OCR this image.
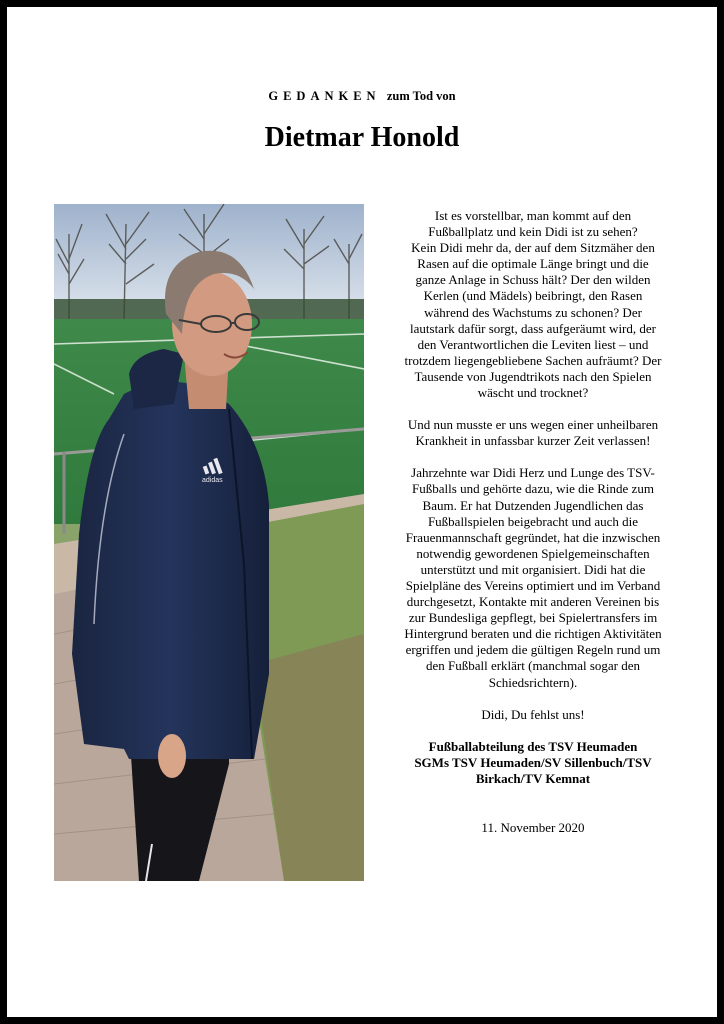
GEDANKEN zum Tod von
Dietmar Honold
adidas

Ist es vorstellbar, man kommt auf den
Fußballplatz und kein Didi ist zu sehen?
Kein Didi mehr da, der auf dem Sitzmäher den
Rasen auf die optimale Länge bringt und die
ganze Anlage in Schuss hält? Der den wilden
Kerlen (und Mädels) beibringt, den Rasen
während des Wachstums zu schonen? Der
lautstark dafür sorgt, dass aufgeräumt wird, der
den Verantwortlichen die Leviten liest – und
trotzdem liegengebliebene Sachen aufräumt? Der
Tausende von Jugendtrikots nach den Spielen
wäscht und trocknet?

Und nun musste er uns wegen einer unheilbaren
Krankheit in unfassbar kurzer Zeit verlassen!

Jahrzehnte war Didi Herz und Lunge des TSV-
Fußballs und gehörte dazu, wie die Rinde zum
Baum. Er hat Dutzenden Jugendlichen das
Fußballspielen beigebracht und auch die
Frauenmannschaft gegründet, hat die inzwischen
notwendig gewordenen Spielgemeinschaften
unterstützt und mit organisiert. Didi hat die
Spielpläne des Vereins optimiert und im Verband
durchgesetzt, Kontakte mit anderen Vereinen bis
zur Bundesliga gepflegt, bei Spielertransfers im
Hintergrund beraten und die richtigen Aktivitäten
ergriffen und jedem die gültigen Regeln rund um
den Fußball erklärt (manchmal sogar den
Schiedsrichtern).

Didi, Du fehlst uns!

Fußballabteilung des TSV Heumaden
SGMs TSV Heumaden/SV Sillenbuch/TSV
Birkach/TV Kemnat

11. November 2020
